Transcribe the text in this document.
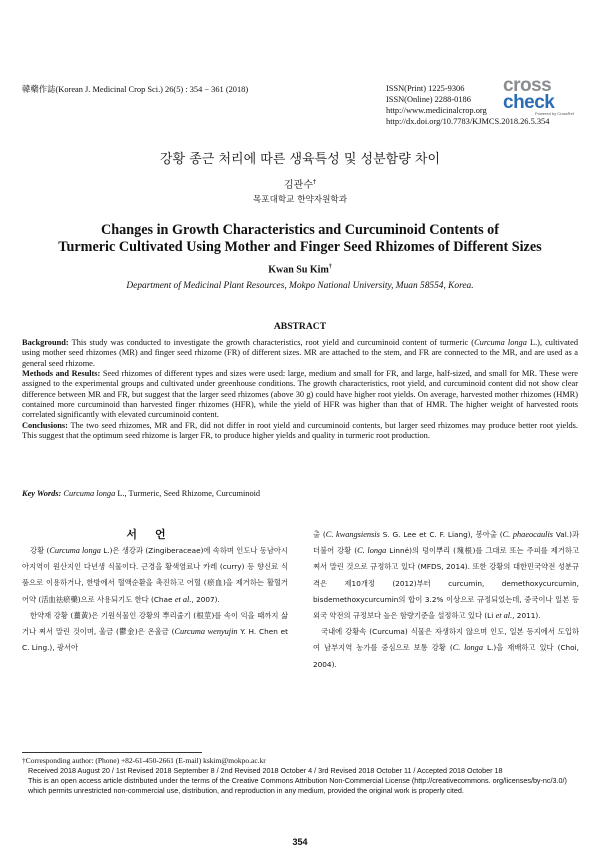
韓藥作誌(Korean J. Medicinal Crop Sci.) 26(5) : 354 − 361 (2018)	ISSN(Print) 1225-9306
ISSN(Online) 2288-0186
http://www.medicinalcrop.org
http://dx.doi.org/10.7783/KJMCS.2018.26.5.354
cross
check
Powered by CrossRef
강황 종근 처리에 따른 생육특성 및 성분함량 차이
김관수†
목포대학교 한약자원학과
Changes in Growth Characteristics and Curcuminoid Contents of
Turmeric Cultivated Using Mother and Finger Seed Rhizomes of Different Sizes
Kwan Su Kim†
Department of Medicinal Plant Resources, Mokpo National University, Muan 58554, Korea.
ABSTRACT

Background: This study was conducted to investigate the growth characteristics, root yield and curcuminoid content of turmeric (Curcuma longa L.), cultivated using mother seed rhizomes (MR) and finger seed rhizome (FR) of different sizes. MR are attached to the stem, and FR are connected to the MR, and are used as a general seed rhizome.

Methods and Results: Seed rhizomes of different types and sizes were used: large, medium and small for FR, and large, half-sized, and small for MR. These were assigned to the experimental groups and cultivated under greenhouse conditions. The growth characteristics, root yield, and curcuminoid content did not show clear difference between MR and FR, but suggest that the larger seed rhizomes (above 30 g) could have higher root yields. On average, harvested mother rhizomes (HMR) contained more curcuminoid than harvested finger rhizomes (HFR), while the yield of HFR was higher than that of HMR. The higher weight of harvested roots correlated significantly with elevated curcuminoid content.

Conclusions: The two seed rhizomes, MR and FR, did not differ in root yield and curcuminoid contents, but larger seed rhizomes may produce better root yields. This suggest that the optimum seed rhizome is larger FR, to produce higher yields and quality in turmeric root production.

Key Words: Curcuma longa L., Turmeric, Seed Rhizome, Curcuminoid
서언

강황 (Curcuma longa L.)은 생강과 (Zingiberaceae)에 속하며 인도나 동남아시아지역이 원산지인 다년생 식물이다. 근경을 황색염료나 카레 (curry) 등 향신료 식품으로 이용하거나, 한방에서 혈액순환을 촉진하고 어혈 (瘀血)을 제거하는 활혈거어약 (活血祛瘀藥)으로 사용되기도 한다 (Chae et al., 2007).

한약재 강황 (薑黃)은 기원식물인 강황의 뿌리줄기 (根莖)를 속이 익을 때까지 삶거나 쪄서 말린 것이며, 울금 (鬱金)은 온울금 (Curcuma wenyujin Y. H. Chen et C. Ling.), 광서아

출 (C. kwangsiensis S. G. Lee et C. F. Liang), 봉아출 (C. phaeocaulis Val.)과 더불어 강황 (C. longa Linné)의 덩이뿌리 (塊根)를 그대로 또는 주피를 제거하고 쪄서 말린 것으로 규정하고 있다 (MFDS, 2014). 또한 강황의 대한민국약전 성분규격은 제10개정 (2012)부터 curcumin, demethoxycurcumin, bisdemethoxycurcumin의 합이 3.2% 이상으로 규정되었는데, 중국이나 일본 등 외국 약전의 규정보다 높은 함량기준을 설정하고 있다 (Li et al., 2011).

국내에 강황속 (Curcuma) 식물은 자생하지 않으며 인도, 일본 등지에서 도입하여 남부지역 농가를 중심으로 보통 강황 (C. longa L.)을 재배하고 있다 (Choi, 2004).

†Corresponding author: (Phone) +82-61-450-2661 (E-mail) kskim@mokpo.ac.kr

Received 2018 August 20 / 1st Revised 2018 September 8 / 2nd Revised 2018 October 4 / 3rd Revised 2018 October 11 / Accepted 2018 October 18

This is an open access article distributed under the terms of the Creative Commons Attribution Non-Commercial License (http://creativecommons. org/licenses/by-nc/3.0/) which permits unrestricted non-commercial use, distribution, and reproduction in any medium, provided the original work is properly cited.

354
